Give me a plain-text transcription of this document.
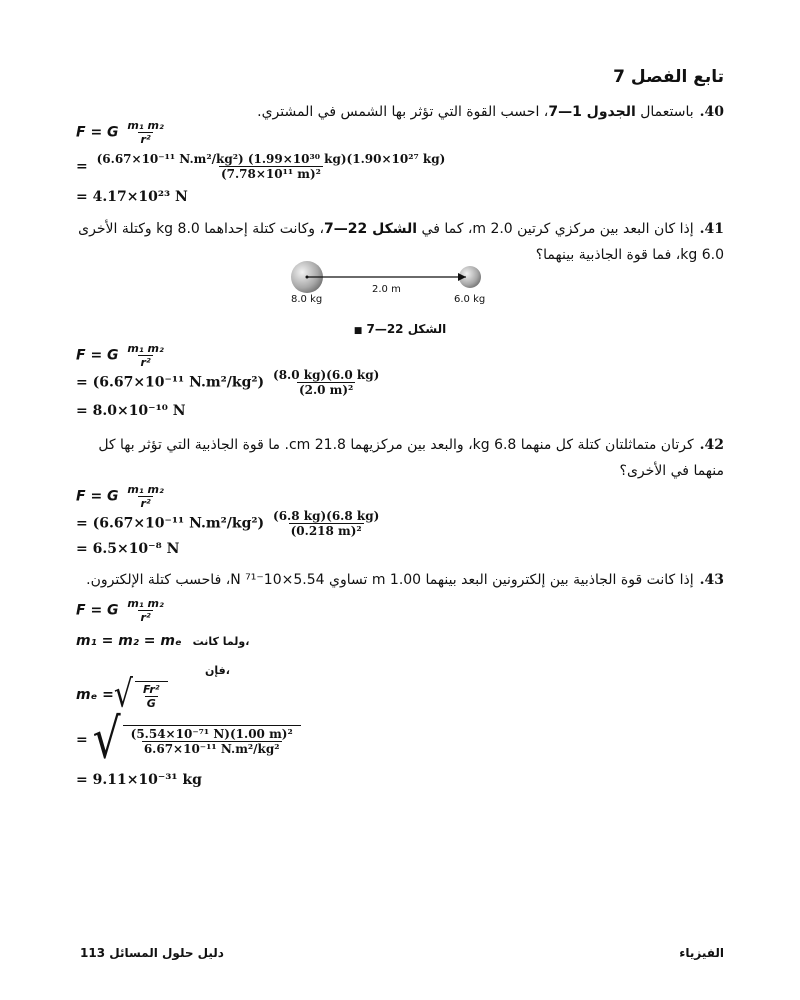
تابع الفصل 7
40.باستعمال الجدول 1—7، احسب القوة التي تؤثر بها الشمس في المشتري.
F = G $\frac{\text{m₁ m₂}}{\text{r²}}$
= $\frac{\text{(6.67×10⁻¹¹ N.m²/kg²) (1.99×10³⁰ kg)(1.90×10²⁷ kg)}}{\text{(7.78×10¹¹ m)²}}$
= 4.17×10²³ N
41.إذا كان البعد بين مركزي كرتين 2.0 m، كما في الشكل 22—7، وكانت كتلة إحداهما 8.0 kg وكتلة الأخرى 6.0 kg، فما قوة الجاذبية بينهما؟
8.0 kg
2.0 m
6.0 kg
الشكل 22—7 ■
F = G $\frac{\text{m₁ m₂}}{\text{r²}}$
= (6.67×10⁻¹¹ $N.m^2/kg^2) \frac{(8.0 kg)(6.0 kg)}{\text{(2.0 m)²}}$
= 8.0×10⁻¹⁰ N
42.كرتان متماثلتان كتلة كل منهما 6.8 kg، والبعد بين مركزيهما 21.8 cm. ما قوة الجاذبية التي تؤثر بها كل منهما في الأخرى؟
F = G $\frac{\text{m₁ m₂}}{\text{r²}}$
= (6.67×10⁻¹¹ $N.m^2/kg^2) \frac{(6.8 kg)(6.8 kg)}{\text{(0.218 m)²}}$
= 6.5×10⁻⁸ N
43.إذا كانت قوة الجاذبية بين إلكترونين البعد بينهما 1.00 m تساوي 5.54×10⁻⁷¹ N، فاحسب كتلة الإلكترون.
F = G $\frac{\text{m₁ m₂}}{\text{r²}}$
m₁ = m₂ = mₑ ولما كانت،
فإن،
mₑ =√ $\frac{\text{Fr²}}{G}$
= √ $\frac{\text{(5.54×10⁻⁷¹ N)(1.00 m)²}}{\text{6.67×10⁻¹¹ N.m²/kg²}}$
= 9.11×10⁻³¹ kg
دليل حلول المسائل 113	الفيزياء
